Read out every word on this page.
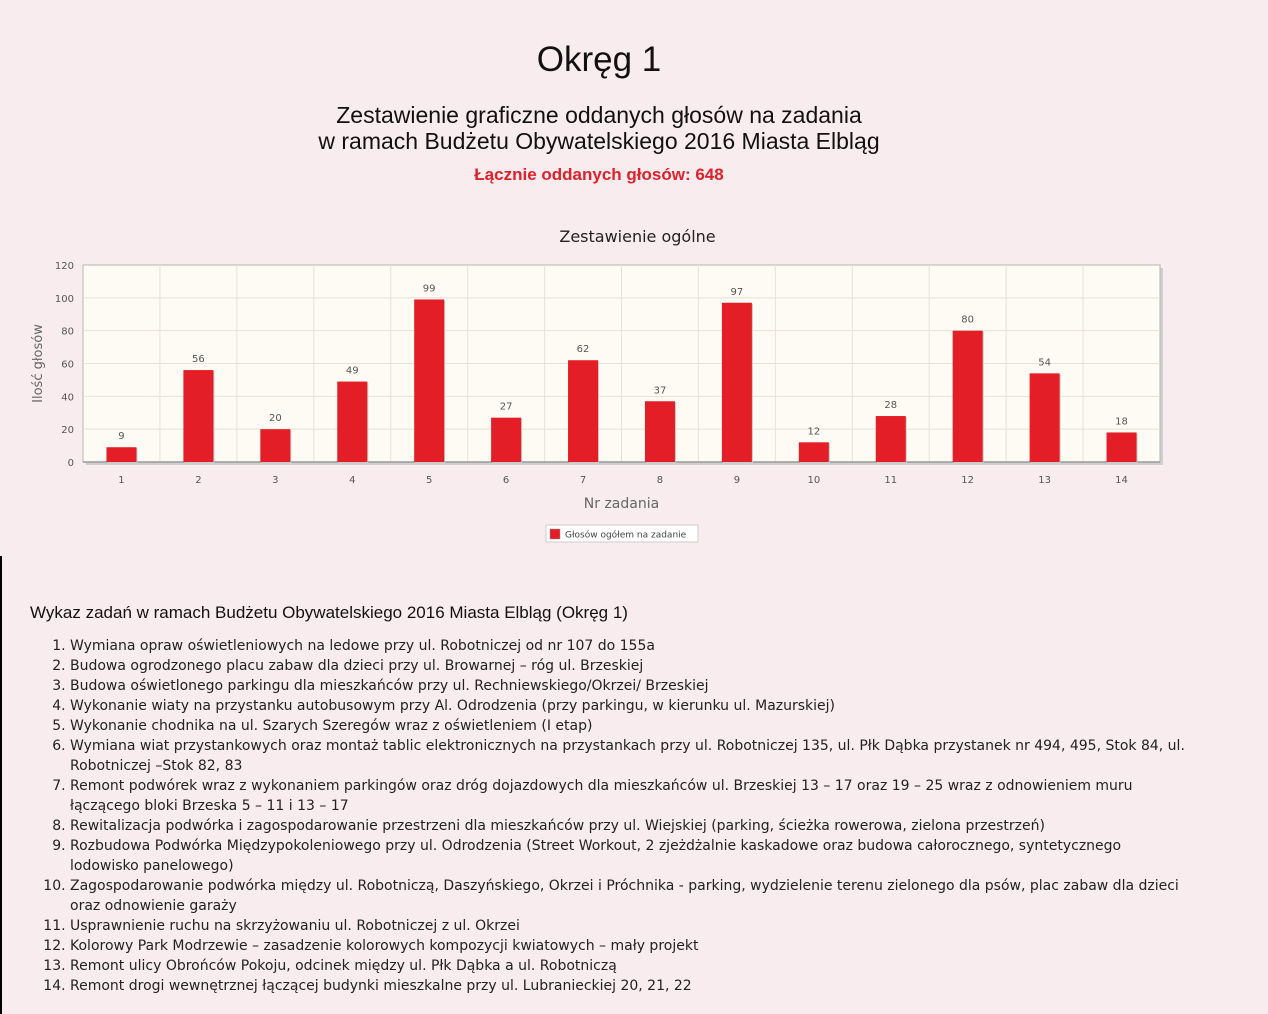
Okręg 1
Zestawienie graficzne oddanych głosów na zadania
w ramach Budżetu Obywatelskiego 2016 Miasta Elbląg
Łącznie oddanych głosów: 648
Zestawienie ogólne
0
20
40
60
80
100
120
9
1
56
2
20
3
49
4
99
5
27
6
62
7
37
8
97
9
12
10
28
11
80
12
54
13
18
14
Nr zadania
Ilość głosów
Głosów ogółem na zadanie
Wykaz zadań w ramach Budżetu Obywatelskiego 2016 Miasta Elbląg (Okręg 1)
1. Wymiana opraw oświetleniowych na ledowe przy ul. Robotniczej od nr 107 do 155a
2. Budowa ogrodzonego placu zabaw dla dzieci przy ul. Browarnej – róg ul. Brzeskiej
3. Budowa oświetlonego parkingu dla mieszkańców przy ul. Rechniewskiego/Okrzei/ Brzeskiej
4. Wykonanie wiaty na przystanku autobusowym przy Al. Odrodzenia (przy parkingu, w kierunku ul. Mazurskiej)
5. Wykonanie chodnika na ul. Szarych Szeregów wraz z oświetleniem (I etap)
6. Wymiana wiat przystankowych oraz montaż tablic elektronicznych na przystankach przy ul. Robotniczej 135, ul. Płk Dąbka przystanek nr 494, 495, Stok 84, ul. Robotniczej –Stok 82, 83
7. Remont podwórek wraz z wykonaniem parkingów oraz dróg dojazdowych dla mieszkańców ul. Brzeskiej 13 – 17 oraz 19 – 25 wraz z odnowieniem muru łączącego bloki Brzeska 5 – 11 i 13 – 17
8. Rewitalizacja podwórka i zagospodarowanie przestrzeni dla mieszkańców przy ul. Wiejskiej (parking, ścieżka rowerowa, zielona przestrzeń)
9. Rozbudowa Podwórka Międzypokoleniowego przy ul. Odrodzenia (Street Workout, 2 zjeżdżalnie kaskadowe oraz budowa całorocznego, syntetycznego lodowisko panelowego)
10. Zagospodarowanie podwórka między ul. Robotniczą, Daszyńskiego, Okrzei i Próchnika - parking, wydzielenie terenu zielonego dla psów, plac zabaw dla dzieci oraz odnowienie garaży
11. Usprawnienie ruchu na skrzyżowaniu ul. Robotniczej z ul. Okrzei
12. Kolorowy Park Modrzewie – zasadzenie kolorowych kompozycji kwiatowych – mały projekt
13. Remont ulicy Obrońców Pokoju, odcinek między ul. Płk Dąbka a ul. Robotniczą
14. Remont drogi wewnętrznej łączącej budynki mieszkalne przy ul. Lubranieckiej 20, 21, 22
